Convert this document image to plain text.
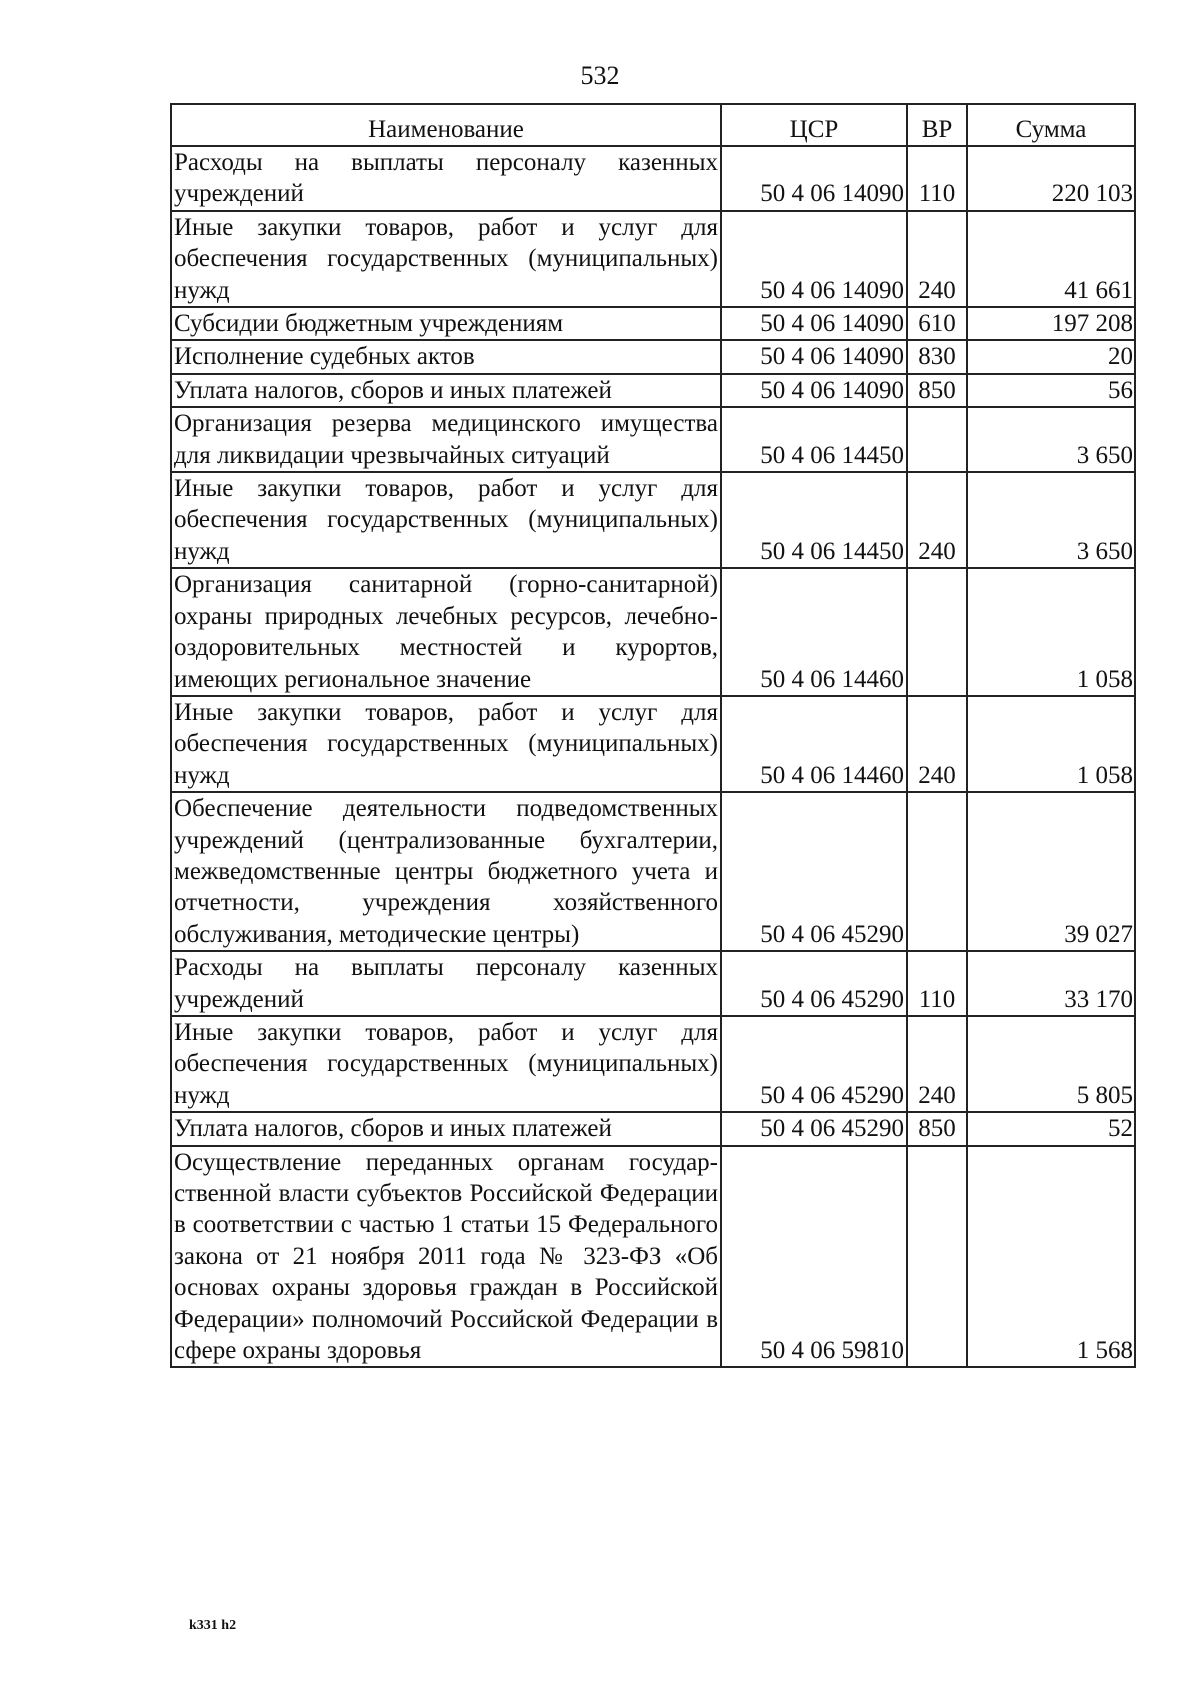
532
Наименование	ЦСР	ВР	Сумма
Расходы на выплаты персоналу казенных учреждений	50 4 06 14090	110	220 103
Иные закупки товаров, работ и услуг для обеспечения государственных (муниципальных) нужд	50 4 06 14090	240	41 661
Субсидии бюджетным учреждениям	50 4 06 14090	610	197 208
Исполнение судебных актов	50 4 06 14090	830	20
Уплата налогов, сборов и иных платежей	50 4 06 14090	850	56
Организация резерва медицинского имущества для ликвидации чрезвычайных ситуаций	50 4 06 14450		3 650
Иные закупки товаров, работ и услуг для обеспечения государственных (муниципальных) нужд	50 4 06 14450	240	3 650
Организация санитарной (горно-санитарной) охраны природных лечебных ресурсов, лечебно-оздоровительных местностей и курортов, имеющих региональное значение	50 4 06 14460		1 058
Иные закупки товаров, работ и услуг для обеспечения государственных (муниципальных) нужд	50 4 06 14460	240	1 058
Обеспечение деятельности подведомственных учреждений (централизованные бухгалтерии, межведомственные центры бюджетного учета и отчетности, учреждения хозяйственного обслуживания, методические центры)	50 4 06 45290		39 027
Расходы на выплаты персоналу казенных учреждений	50 4 06 45290	110	33 170
Иные закупки товаров, работ и услуг для обеспечения государственных (муниципальных) нужд	50 4 06 45290	240	5 805
Уплата налогов, сборов и иных платежей	50 4 06 45290	850	52
Осуществление переданных органам государственной власти субъектов Российской Федерации в соответствии с частью 1 статьи 15 Федерального закона от 21 ноября 2011 года № 323-ФЗ «Об основах охраны здоровья граждан в Российской Федерации» полномочий Российской Федерации в сфере охраны здоровья	50 4 06 59810		1 568
k331 h2
